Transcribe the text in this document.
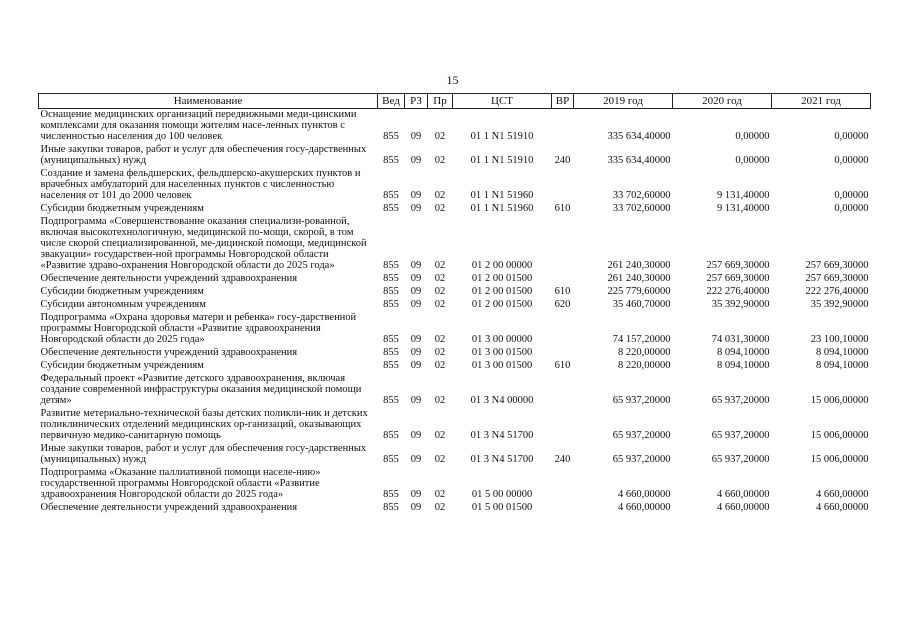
15
Наименование	Вед	РЗ	Пр	ЦСТ	ВР	2019 год	2020 год	2021 год
Оснащение медицинских организаций передвижными меди-цинскими комплексами для оказания помощи жителям насе-ленных пунктов с численностью населения до 100 человек	855	09	02	01 1 N1 51910		335 634,40000	0,00000	0,00000
Иные закупки товаров, работ и услуг для обеспечения госу-дарственных (муниципальных) нужд	855	09	02	01 1 N1 51910	240	335 634,40000	0,00000	0,00000
Создание и замена фельдшерских, фельдшерско-акушерских пунктов и врачебных амбулаторий для населенных пунктов с численностью населения от 101 до 2000 человек	855	09	02	01 1 N1 51960		33 702,60000	9 131,40000	0,00000
Субсидии бюджетным учреждениям	855	09	02	01 1 N1 51960	610	33 702,60000	9 131,40000	0,00000
Подпрограмма «Совершенствование оказания специализи-рованной, включая высокотехнологичную, медицинской по-мощи, скорой, в том числе скорой специализированной, ме-дицинской помощи, медицинской эвакуации» государствен-ной программы Новгородской области «Развитие здраво-охранения Новгородской области до 2025 года»	855	09	02	01 2 00 00000		261 240,30000	257 669,30000	257 669,30000
Обеспечение деятельности учреждений здравоохранения	855	09	02	01 2 00 01500		261 240,30000	257 669,30000	257 669,30000
Субсидии бюджетным учреждениям	855	09	02	01 2 00 01500	610	225 779,60000	222 276,40000	222 276,40000
Субсидии автономным учреждениям	855	09	02	01 2 00 01500	620	35 460,70000	35 392,90000	35 392,90000
Подпрограмма «Охрана здоровья матери и ребенка» госу-дарственной программы Новгородской области «Развитие здравоохранения Новгородской области до 2025 года»	855	09	02	01 3 00 00000		74 157,20000	74 031,30000	23 100,10000
Обеспечение деятельности учреждений здравоохранения	855	09	02	01 3 00 01500		8 220,00000	8 094,10000	8 094,10000
Субсидии бюджетным учреждениям	855	09	02	01 3 00 01500	610	8 220,00000	8 094,10000	8 094,10000
Федеральный проект «Развитие детского здравоохранения, включая создание современной инфраструктуры оказания медицинской помощи детям»	855	09	02	01 3 N4 00000		65 937,20000	65 937,20000	15 006,00000
Развитие метериально-технической базы детских поликли-ник и детских поликлинических отделений медицинских ор-ганизаций, оказывающих первичную медико-санитарную помощь	855	09	02	01 3 N4 51700		65 937,20000	65 937,20000	15 006,00000
Иные закупки товаров, работ и услуг для обеспечения госу-дарственных (муниципальных) нужд	855	09	02	01 3 N4 51700	240	65 937,20000	65 937,20000	15 006,00000
Подпрограмма «Оказание паллиативной помощи населе-нию» государственной программы Новгородской области «Развитие здравоохранения Новгородской области до 2025 года»	855	09	02	01 5 00 00000		4 660,00000	4 660,00000	4 660,00000
Обеспечение деятельности учреждений здравоохранения	855	09	02	01 5 00 01500		4 660,00000	4 660,00000	4 660,00000
